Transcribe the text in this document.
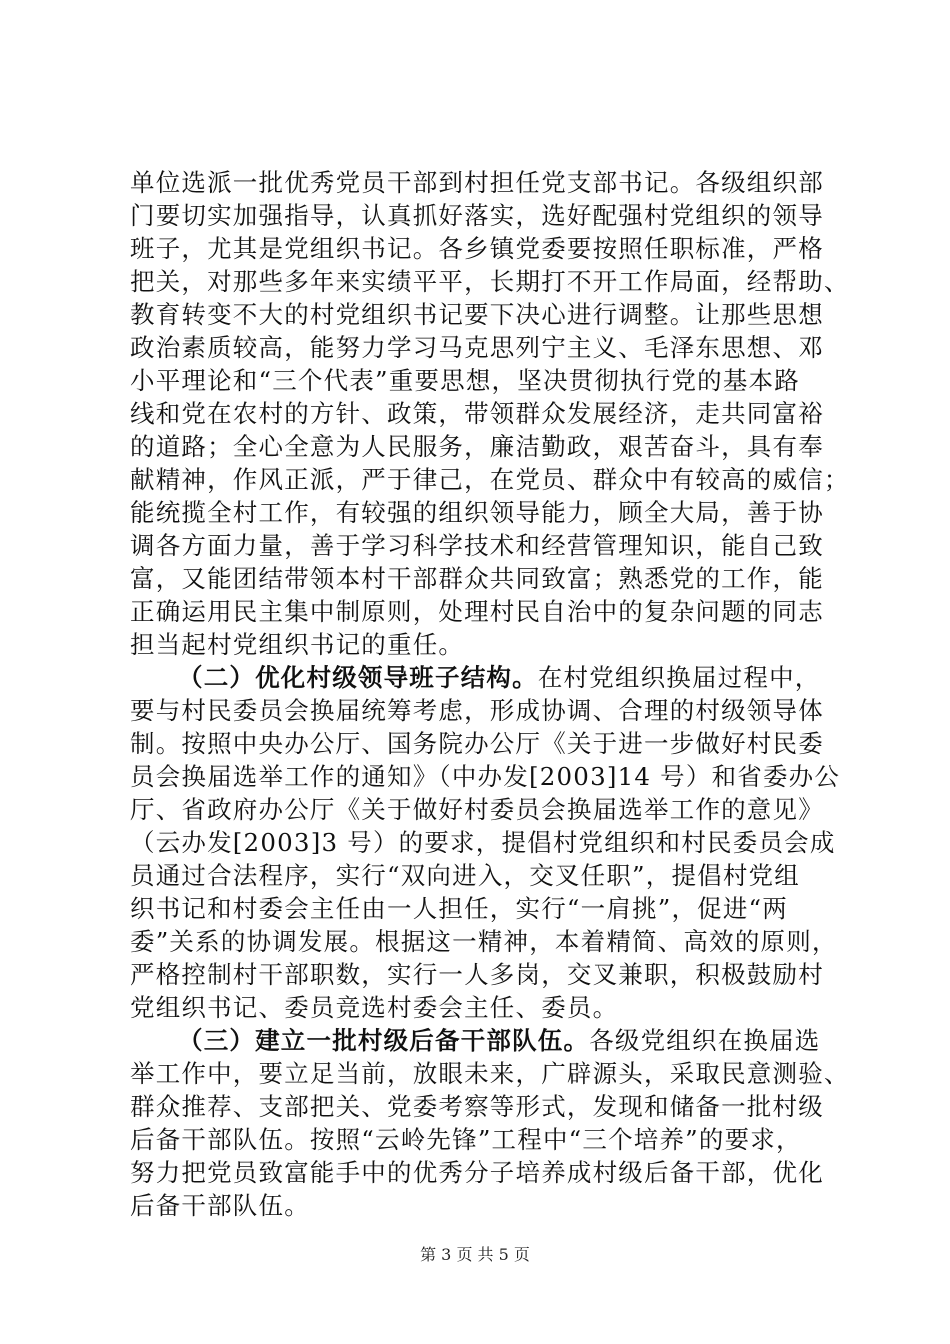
单位选派一批优秀党员干部到村担任党支部书记。各级组织部
门要切实加强指导，认真抓好落实，选好配强村党组织的领导
班子，尤其是党组织书记。各乡镇党委要按照任职标准，严格
把关，对那些多年来实绩平平，长期打不开工作局面，经帮助、
教育转变不大的村党组织书记要下决心进行调整。让那些思想
政治素质较高，能努力学习马克思列宁主义、毛泽东思想、邓
小平理论和“三个代表”重要思想，坚决贯彻执行党的基本路
线和党在农村的方针、政策，带领群众发展经济，走共同富裕
的道路；全心全意为人民服务，廉洁勤政，艰苦奋斗，具有奉
献精神，作风正派，严于律己，在党员、群众中有较高的威信；
能统揽全村工作，有较强的组织领导能力，顾全大局，善于协
调各方面力量，善于学习科学技术和经营管理知识，能自己致
富，又能团结带领本村干部群众共同致富；熟悉党的工作，能
正确运用民主集中制原则，处理村民自治中的复杂问题的同志
担当起村党组织书记的重任。
（二）优化村级领导班子结构。在村党组织换届过程中，
要与村民委员会换届统筹考虑，形成协调、合理的村级领导体
制。按照中央办公厅、国务院办公厅《关于进一步做好村民委
员会换届选举工作的通知》（中办发[2003]14 号）和省委办公
厅、省政府办公厅《关于做好村委员会换届选举工作的意见》
（云办发[2003]3 号）的要求，提倡村党组织和村民委员会成
员通过合法程序，实行“双向进入，交叉任职”，提倡村党组
织书记和村委会主任由一人担任，实行“一肩挑”，促进“两
委”关系的协调发展。根据这一精神，本着精简、高效的原则，
严格控制村干部职数，实行一人多岗，交叉兼职，积极鼓励村
党组织书记、委员竞选村委会主任、委员。
（三）建立一批村级后备干部队伍。各级党组织在换届选
举工作中，要立足当前，放眼未来，广辟源头，采取民意测验、
群众推荐、支部把关、党委考察等形式，发现和储备一批村级
后备干部队伍。按照“云岭先锋”工程中“三个培养”的要求，
努力把党员致富能手中的优秀分子培养成村级后备干部，优化
后备干部队伍。
第 3 页 共 5 页
